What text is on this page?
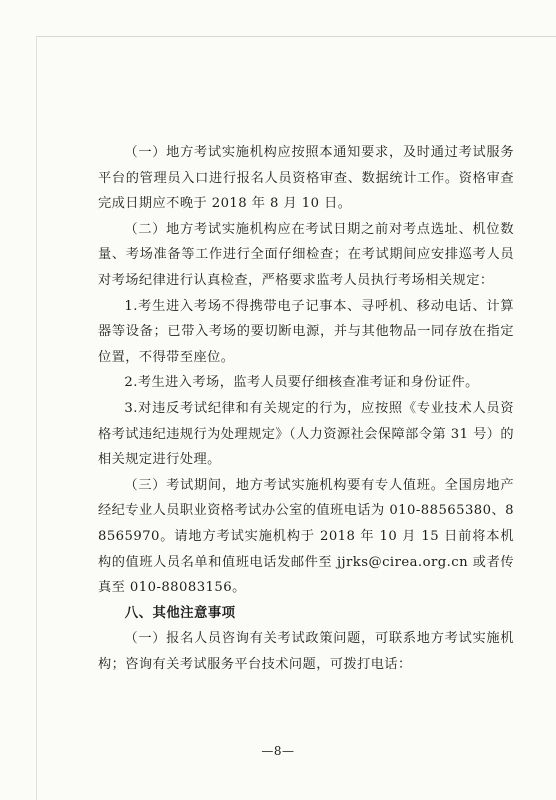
（一）地方考试实施机构应按照本通知要求，及时通过考试服务平台的管理员入口进行报名人员资格审查、数据统计工作。资格审查完成日期应不晚于 2018 年 8 月 10 日。

（二）地方考试实施机构应在考试日期之前对考点选址、机位数量、考场准备等工作进行全面仔细检查；在考试期间应安排巡考人员对考场纪律进行认真检查，严格要求监考人员执行考场相关规定：

1.考生进入考场不得携带电子记事本、寻呼机、移动电话、计算器等设备；已带入考场的要切断电源，并与其他物品一同存放在指定位置，不得带至座位。

2.考生进入考场，监考人员要仔细核查准考证和身份证件。

3.对违反考试纪律和有关规定的行为，应按照《专业技术人员资格考试违纪违规行为处理规定》（人力资源社会保障部令第 31 号）的相关规定进行处理。

（三）考试期间，地方考试实施机构要有专人值班。全国房地产经纪专业人员职业资格考试办公室的值班电话为 010-88565380、88565970。请地方考试实施机构于 2018 年 10 月 15 日前将本机构的值班人员名单和值班电话发邮件至 jjrks@cirea.org.cn 或者传真至 010-88083156。

八、其他注意事项

（一）报名人员咨询有关考试政策问题，可联系地方考试实施机构；咨询有关考试服务平台技术问题，可拨打电话：

—8—
